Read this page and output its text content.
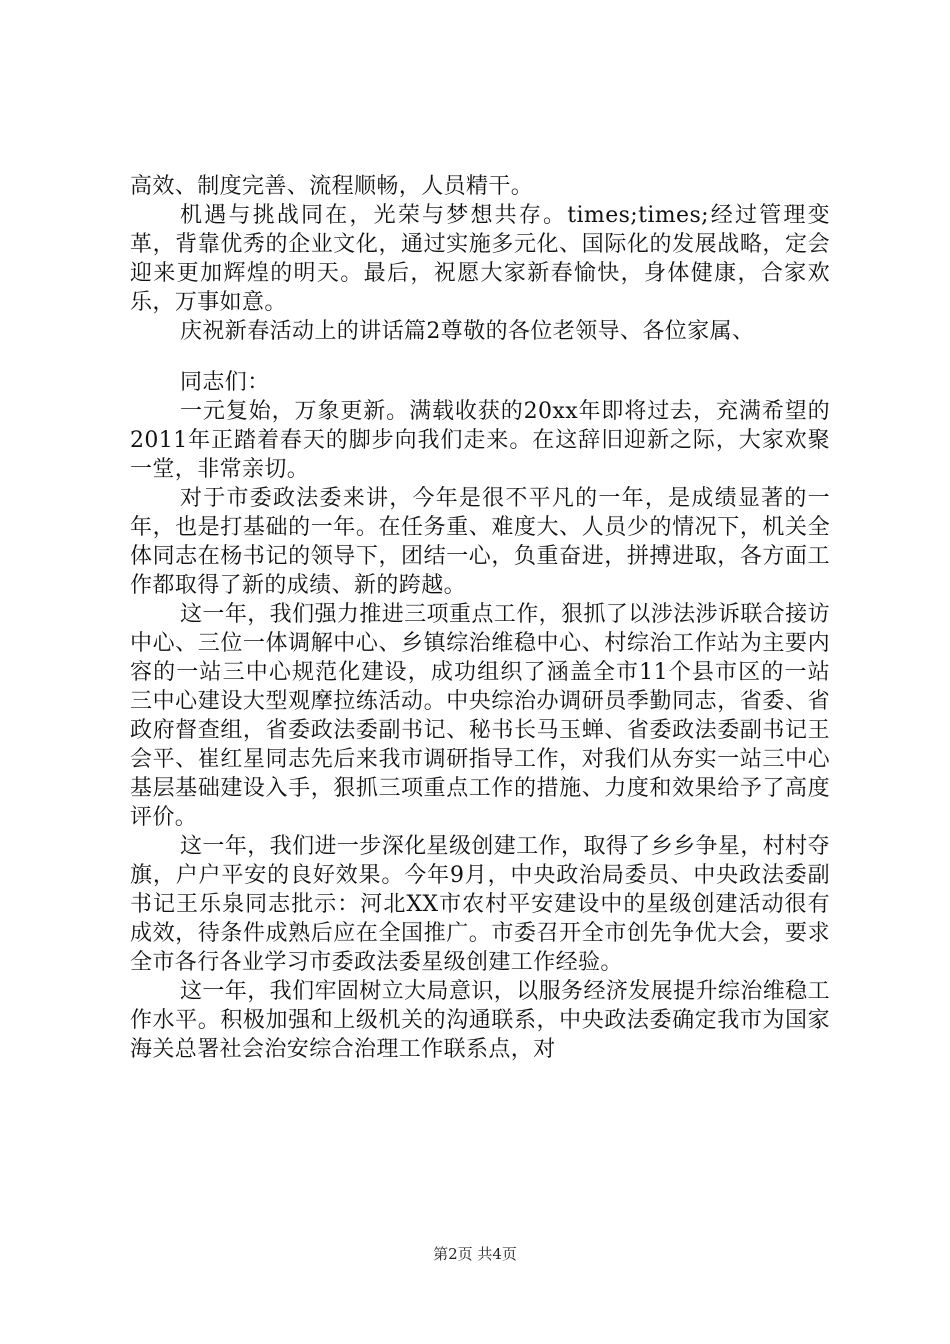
高效、制度完善、流程顺畅，人员精干。

机遇与挑战同在，光荣与梦想共存。times;times;经过管理变革，背靠优秀的企业文化，通过实施多元化、国际化的发展战略，定会迎来更加辉煌的明天。最后，祝愿大家新春愉快，身体健康，合家欢乐，万事如意。

庆祝新春活动上的讲话篇2尊敬的各位老领导、各位家属、

同志们：

一元复始，万象更新。满载收获的20xx年即将过去，充满希望的2011年正踏着春天的脚步向我们走来。在这辞旧迎新之际，大家欢聚一堂，非常亲切。

对于市委政法委来讲，今年是很不平凡的一年，是成绩显著的一年，也是打基础的一年。在任务重、难度大、人员少的情况下，机关全体同志在杨书记的领导下，团结一心，负重奋进，拼搏进取，各方面工作都取得了新的成绩、新的跨越。

这一年，我们强力推进三项重点工作，狠抓了以涉法涉诉联合接访中心、三位一体调解中心、乡镇综治维稳中心、村综治工作站为主要内容的一站三中心规范化建设，成功组织了涵盖全市11个县市区的一站三中心建设大型观摩拉练活动。中央综治办调研员季勤同志，省委、省政府督查组，省委政法委副书记、秘书长马玉蝉、省委政法委副书记王会平、崔红星同志先后来我市调研指导工作，对我们从夯实一站三中心基层基础建设入手，狠抓三项重点工作的措施、力度和效果给予了高度评价。

这一年，我们进一步深化星级创建工作，取得了乡乡争星，村村夺旗，户户平安的良好效果。今年9月，中央政治局委员、中央政法委副书记王乐泉同志批示：河北XX市农村平安建设中的星级创建活动很有成效，待条件成熟后应在全国推广。市委召开全市创先争优大会，要求全市各行各业学习市委政法委星级创建工作经验。

这一年，我们牢固树立大局意识，以服务经济发展提升综治维稳工作水平。积极加强和上级机关的沟通联系，中央政法委确定我市为国家海关总署社会治安综合治理工作联系点，对

第2页 共4页
